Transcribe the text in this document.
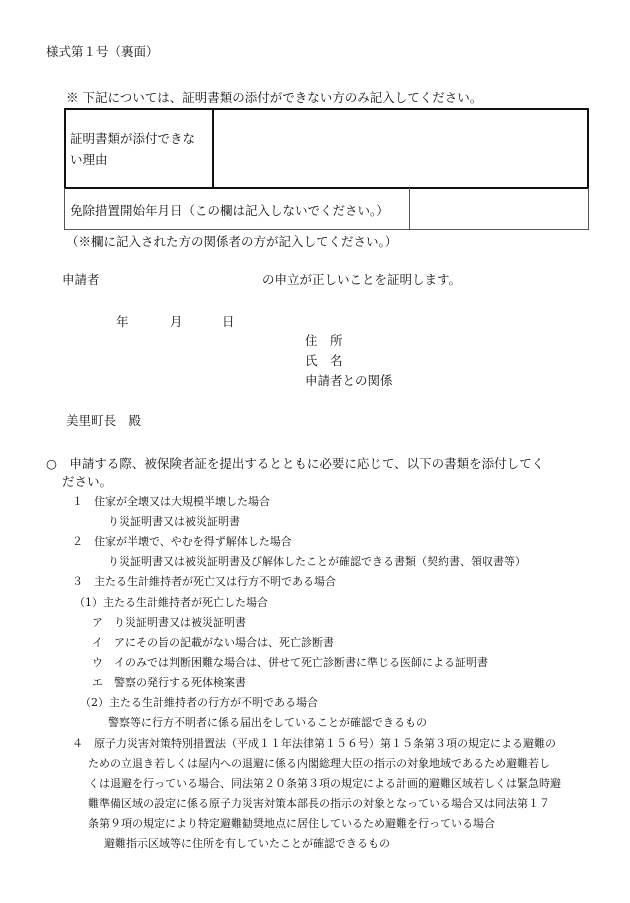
様式第１号（裏面）
※ 下記については、証明書類の添付ができない方のみ記入してください。
証明書類が添付できな
い理由
免除措置開始年月日（この欄は記入しないでください。）
（※欄に記入された方の関係者の方が記入してください。）
申請者	の申立が正しいことを証明します。
年	月	日
住　所
氏　名
申請者との関係
美里町長　殿
○　申請する際、被保険者証を提出するとともに必要に応じて、以下の書類を添付してく
ださい。
１　住家が全壊又は大規模半壊した場合
り災証明書又は被災証明書
２　住家が半壊で、やむを得ず解体した場合
り災証明書又は被災証明書及び解体したことが確認できる書類（契約書、領収書等）
３　主たる生計維持者が死亡又は行方不明である場合
（1）主たる生計維持者が死亡した場合
ア　り災証明書又は被災証明書
イ　アにその旨の記載がない場合は、死亡診断書
ウ　イのみでは判断困難な場合は、併せて死亡診断書に準じる医師による証明書
エ　警察の発行する死体検案書
（2）主たる生計維持者の行方が不明である場合
警察等に行方不明者に係る届出をしていることが確認できるもの
４　原子力災害対策特別措置法（平成１１年法律第１５６号）第１５条第３項の規定による避難の
ための立退き若しくは屋内への退避に係る内閣総理大臣の指示の対象地域であるため避難若し
くは退避を行っている場合、同法第２０条第３項の規定による計画的避難区域若しくは緊急時避
難準備区域の設定に係る原子力災害対策本部長の指示の対象となっている場合又は同法第１７
条第９項の規定により特定避難勧奨地点に居住しているため避難を行っている場合
避難指示区域等に住所を有していたことが確認できるもの
